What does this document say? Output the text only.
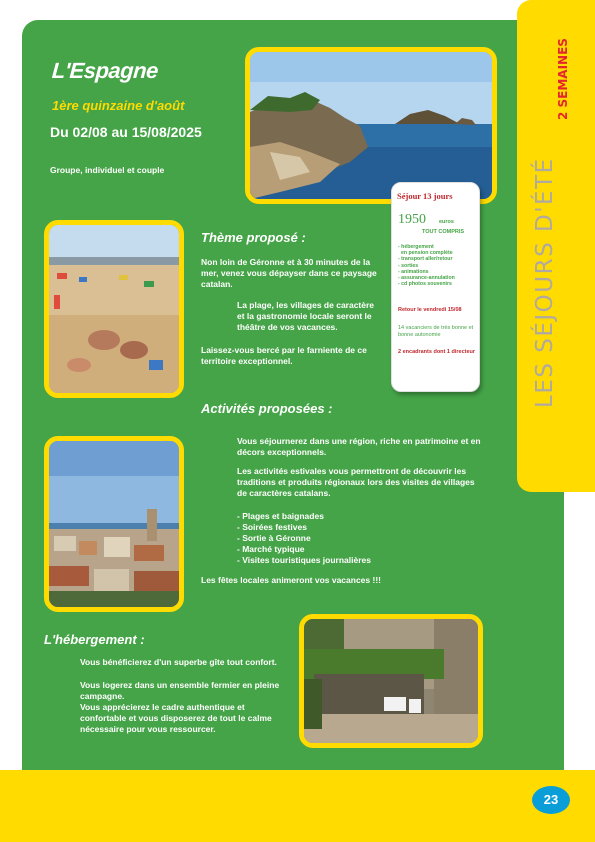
LES SÉJOURS D'ÉTÉ
2 SEMAINES
L'Espagne
1ère quinzaine d'août
Du 02/08 au 15/08/2025
Groupe, individuel et couple
Séjour 13 jours
1950 euros
TOUT COMPRIS
- hébergement
en pension complète
- transport aller/retour
- sorties
- animations
- assurance-annulation
- cd photos souvenirs
Retour le vendredi 15/08
14 vacanciers de très bonne et bonne autonomie
2 encadrants dont 1 directeur
Thème proposé :
Non loin de Géronne et à 30 minutes de la mer, venez vous dépayser dans ce paysage catalan.
La plage, les villages de caractère et la gastronomie locale seront le théâtre de vos vacances.
Laissez-vous bercé par le farniente de ce territoire exceptionnel.
Activités proposées :
Vous séjournerez dans une région, riche en patrimoine et en décors exceptionnels.
Les activités estivales vous permettront de découvrir les traditions et produits régionaux lors des visites de villages de caractères catalans.
- Plages et baignades
- Soirées festives
- Sortie à Géronne
- Marché typique
- Visites touristiques journalières
Les fêtes locales animeront vos vacances !!!
L'hébergement :
Vous bénéficierez d'un superbe gîte tout confort.
Vous logerez dans un ensemble fermier en pleine campagne.
Vous apprécierez le cadre authentique et confortable et vous disposerez de tout le calme nécessaire pour vous ressourcer.
23
